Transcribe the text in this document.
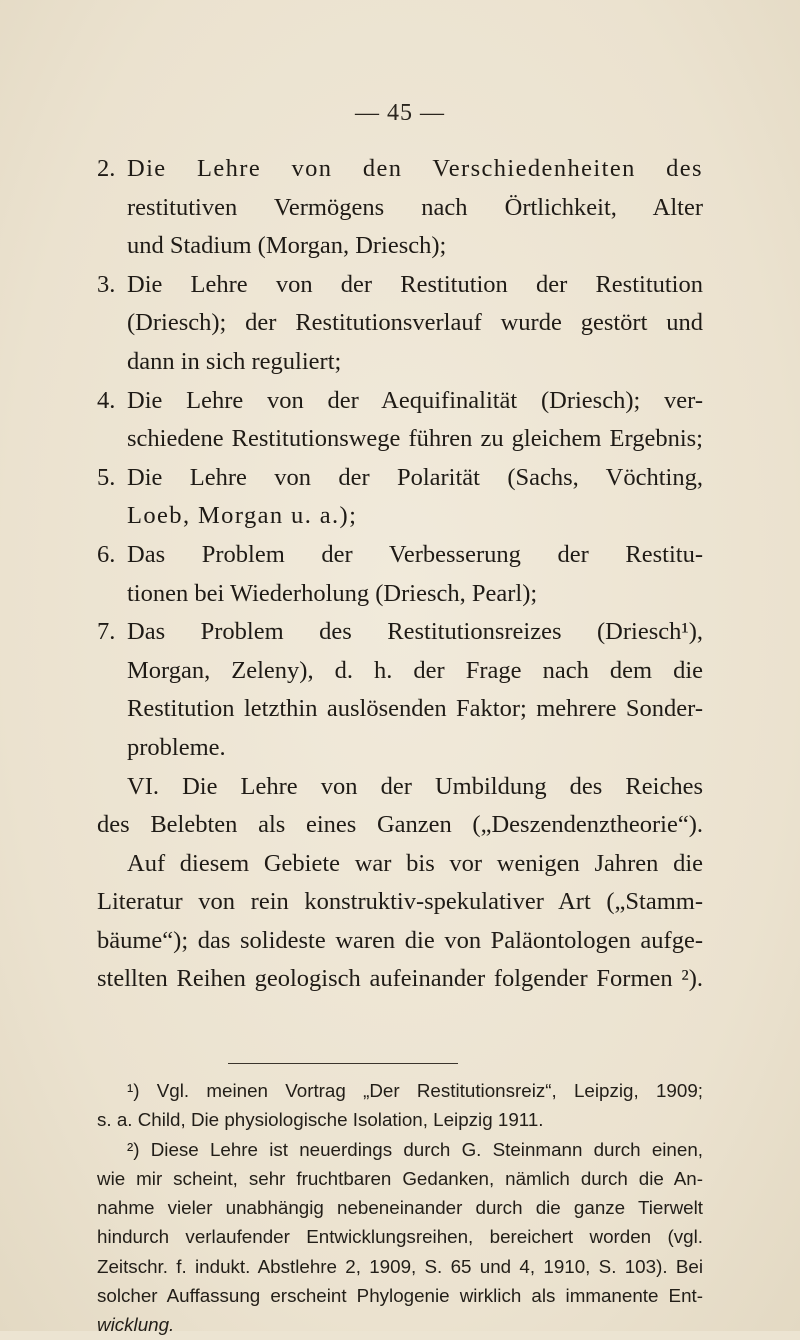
— 45 —
2. Die Lehre von den Verschiedenheiten des
restitutiven Vermögens nach Örtlichkeit, Alter
und Stadium (Morgan, Driesch);
3. Die Lehre von der Restitution der Restitution
(Driesch); der Restitutionsverlauf wurde gestört und
dann in sich reguliert;
4. Die Lehre von der Aequifinalität (Driesch); ver-
schiedene Restitutionswege führen zu gleichem Ergebnis;
5. Die Lehre von der Polarität (Sachs, Vöchting,
Loeb, Morgan u. a.);
6. Das Problem der Verbesserung der Restitu-
tionen bei Wiederholung (Driesch, Pearl);
7. Das Problem des Restitutionsreizes (Driesch¹),
Morgan, Zeleny), d. h. der Frage nach dem die
Restitution letzthin auslösenden Faktor; mehrere Sonder-
probleme.
VI. Die Lehre von der Umbildung des Reiches
des Belebten als eines Ganzen („Deszendenztheorie“).
Auf diesem Gebiete war bis vor wenigen Jahren die
Literatur von rein konstruktiv-spekulativer Art („Stamm-
bäume“); das solideste waren die von Paläontologen aufge-
stellten Reihen geologisch aufeinander folgender Formen ²).
¹) Vgl. meinen Vortrag „Der Restitutionsreiz“, Leipzig, 1909;
s. a. Child, Die physiologische Isolation, Leipzig 1911.
²) Diese Lehre ist neuerdings durch G. Steinmann durch einen,
wie mir scheint, sehr fruchtbaren Gedanken, nämlich durch die An-
nahme vieler unabhängig nebeneinander durch die ganze Tierwelt
hindurch verlaufender Entwicklungsreihen, bereichert worden (vgl.
Zeitschr. f. indukt. Abstlehre 2, 1909, S. 65 und 4, 1910, S. 103). Bei
solcher Auffassung erscheint Phylogenie wirklich als immanente Ent-
wicklung.
